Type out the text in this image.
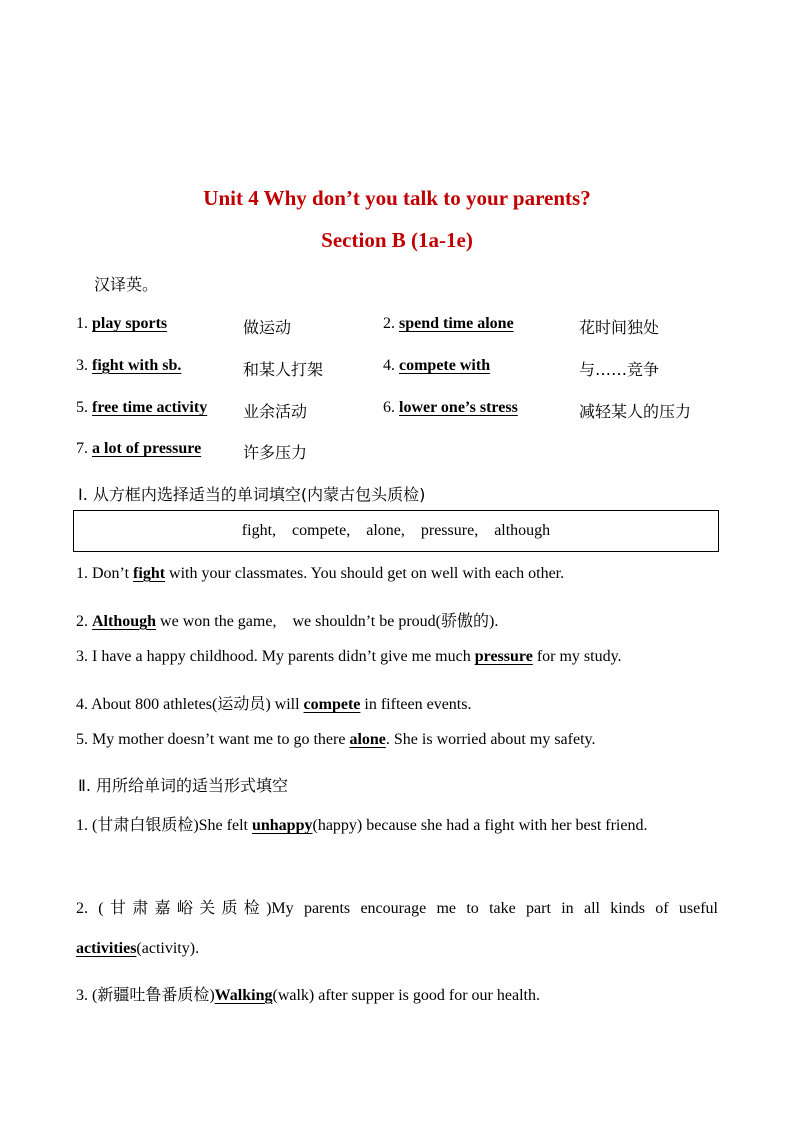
Unit 4 Why don’t you talk to your parents?
Section B (1a-1e)
汉译英。
1. play sports	做运动	2. spend time alone	花时间独处
3. fight with sb.	和某人打架	4. compete with	与……竞争
5. free time activity 业余活动	6. lower one’s stress	减轻某人的压力
7. a lot of pressure	许多压力
Ⅰ. 从方框内选择适当的单词填空(内蒙古包头质检)
fight, compete, alone, pressure, although
1. Don’t fight with your classmates. You should get on well with each other.
2. Although we won the game,    we shouldn’t be proud(骄傲的).
3. I have a happy childhood. My parents didn’t give me much pressure for my study.
4. About 800 athletes(运动员) will compete in fifteen events.
5. My mother doesn’t want me to go there alone. She is worried about my safety.
Ⅱ. 用所给单词的适当形式填空
1. (甘肃白银质检)She felt unhappy(happy) because she had a fight with her best friend.
2. (甘肃嘉峪关质检)My parents encourage me to take part in all kinds of useful activities(activity).
3. (新疆吐鲁番质检)Walking(walk) after supper is good for our health.
